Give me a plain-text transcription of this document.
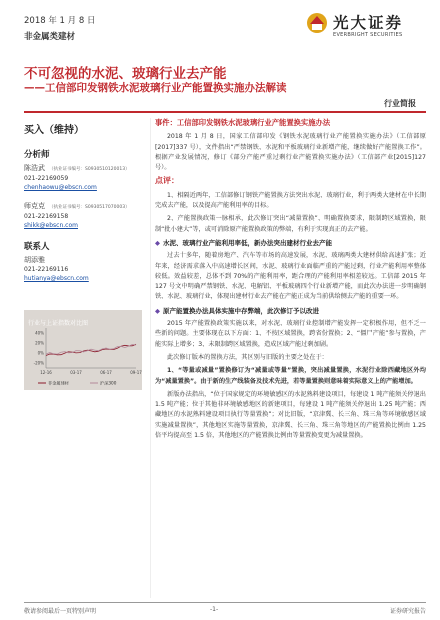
2018 年 1 月 8 日
非金属类建材
光大证券
EVERBRIGHT SECURITIES
不可忽视的水泥、玻璃行业去产能
——工信部印发钢铁水泥玻璃行业产能置换实施办法解读
行业简报
买入（维持）
分析师
陈浩武 （执业证书编号：S0930510120013）
021-22169059
chenhaowu@ebscn.com
师克克 （执业证书编号：S0930517070003）
021-22169158
shikk@ebscn.com
联系人
胡添雅
021-22169116
hutianya@ebscn.com
40%
20%
0%
-20%
12-16	03-17	06-17	09-17
非金属建材	沪深300
行业与上证指数对比图
事件：工信部印发钢铁水泥玻璃行业产能置换实施办法
2018 年 1 月 8 日，国家工信部印发《钢铁水泥玻璃行业产能置换实施办法》（工信部原[2017]337 号），文件指出“严禁钢铁、水泥和平板玻璃行业新增产能，继续做好产能置换工作”。根据产业发展情况，修订《部分产能严重过剩行业产能置换实施办法》（工信部产业[2015]127 号）。
点评：
1、相隔近两年，工信部修订钢铁产能置换方法突出水泥、玻璃行业，利于两类大建材在中长期完成去产能，以及提高产能利用率的目标。
2、产能置换政策一脉相承，此次修订突出“减量置换”、明确置换要求，限制跨区域置换，限制“批小建大”等，或可消除原产能置换政策的弊端，有利于实现真正的去产能。
◆ 水泥、玻璃行业产能利用率低，新办法突出建材行业去产能
过去十多年，随着房地产、汽车等市场的高速发展，水泥、玻璃两类大建材供给高速扩张；近年来，经济需求落入中高速增长区间，水泥、玻璃行业面临严重的产能过剩，行业产能利用率整体较低。效益较差，总体不到 70%的产能利用率，距合理的产能利用率相差较远。工信部 2015 年 127 号文中明确严禁钢铁、水泥、电解铝、平板玻璃四个行业新增产能，而此次办法进一步明确钢铁、水泥、玻璃行业，体现出建材行业去产能在产能正成为当前供给侧去产能的重要一环。
◆ 原产能置换办法具体实施中存弊端，此次修订予以改进
2015 年产能置换政策实施以来，对水泥、玻璃行业控制增产能发挥一定积极作用，但不乏一些新的问题。主要体现在以下方面：1、不按区域置换，跨省份置换；2、“僵尸产能”参与置换，产能实际上增多；3、未限制跨区域置换，造成区域产能过剩加剧。
此次修订版本的置换方法，其区别与旧版的主要之处在于：
1、“等量或减量”置换修订为“减量或等量”置换，突出减量置换，水泥行业除西藏地区外均为“减量置换”。由于新的生产线装备及技术先进，若等量置换则意味着实际意义上的产能增加。
新版办法指出，“位于国家规定的环境敏感区的水泥熟料建设项目，每建设 1 吨产能须关停退出 1.5 吨产能；位于其他非环境敏感地区的新建项目，每建设 1 吨产能须关停退出 1.25 吨产能；西藏地区的水泥熟料建设项目执行等量置换”；对比旧版，“京津冀、长三角、珠三角等环境敏感区域实施减量置换”，其他地区实施等量置换，京津冀、长三角、珠三角等地区的产能置换比例由 1.25 倍平均提高至 1.5 倍，其他地区的产能置换比例由等量置换变更为减量置换。
敬请参阅最后一页特别声明	-1-	证券研究报告
